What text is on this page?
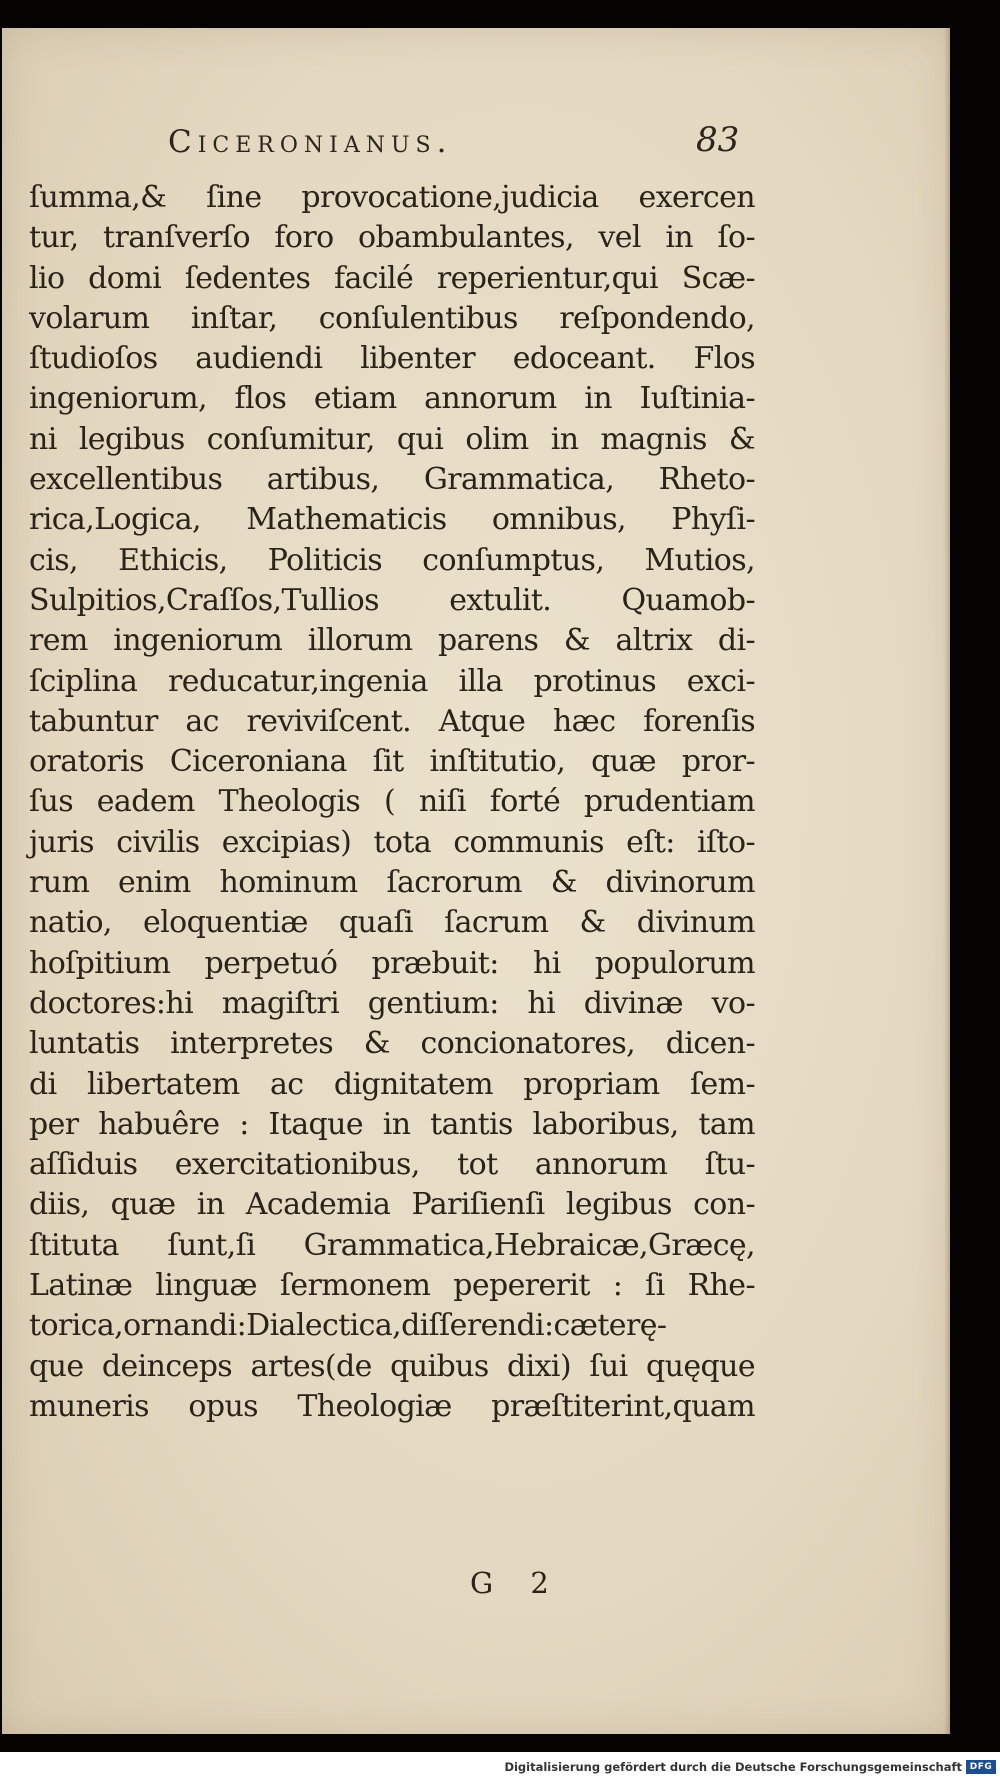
Ciceronianus.	83
ſumma,& ſine provocatione,judicia exercen
tur, tranſverſo foro obambulantes, vel in ſo-
lio domi ſedentes facilé reperientur,qui Scæ-
volarum inſtar, conſulentibus reſpondendo,
ſtudioſos audiendi libenter edoceant. Flos
ingeniorum, flos etiam annorum in Iuſtinia-
ni legibus conſumitur, qui olim in magnis &
excellentibus artibus, Grammatica, Rheto-
rica,Logica, Mathematicis omnibus, Phyſi-
cis, Ethicis, Politicis conſumptus, Mutios,
Sulpitios,Craſſos,Tullios extulit. Quamob-
rem ingeniorum illorum parens & altrix di-
ſciplina reducatur,ingenia illa protinus exci-
tabuntur ac reviviſcent. Atque hæc forenſis
oratoris Ciceroniana ſit inſtitutio, quæ pror-
ſus eadem Theologis ( niſi forté prudentiam
juris civilis excipias) tota communis eſt: iſto-
rum enim hominum ſacrorum & divinorum
natio, eloquentiæ quaſi ſacrum & divinum
hoſpitium perpetuó præbuit: hi populorum
doctores:hi magiſtri gentium: hi divinæ vo-
luntatis interpretes & concionatores, dicen-
di libertatem ac dignitatem propriam ſem-
per habuêre : Itaque in tantis laboribus, tam
aſſiduis exercitationibus, tot annorum ſtu-
diis, quæ in Academia Pariſienſi legibus con-
ſtituta ſunt,ſi Grammatica,Hebraicæ,Græcę,
Latinæ linguæ ſermonem pepererit : ſi Rhe-
torica,ornandi:Dialectica,diſſerendi:cæterę-
que deinceps artes(de quibus dixi) ſui quęque
muneris opus Theologiæ præſtiterint,quam
G 2
Digitalisierung gefördert durch die Deutsche Forschungsgemeinschaft DFG
